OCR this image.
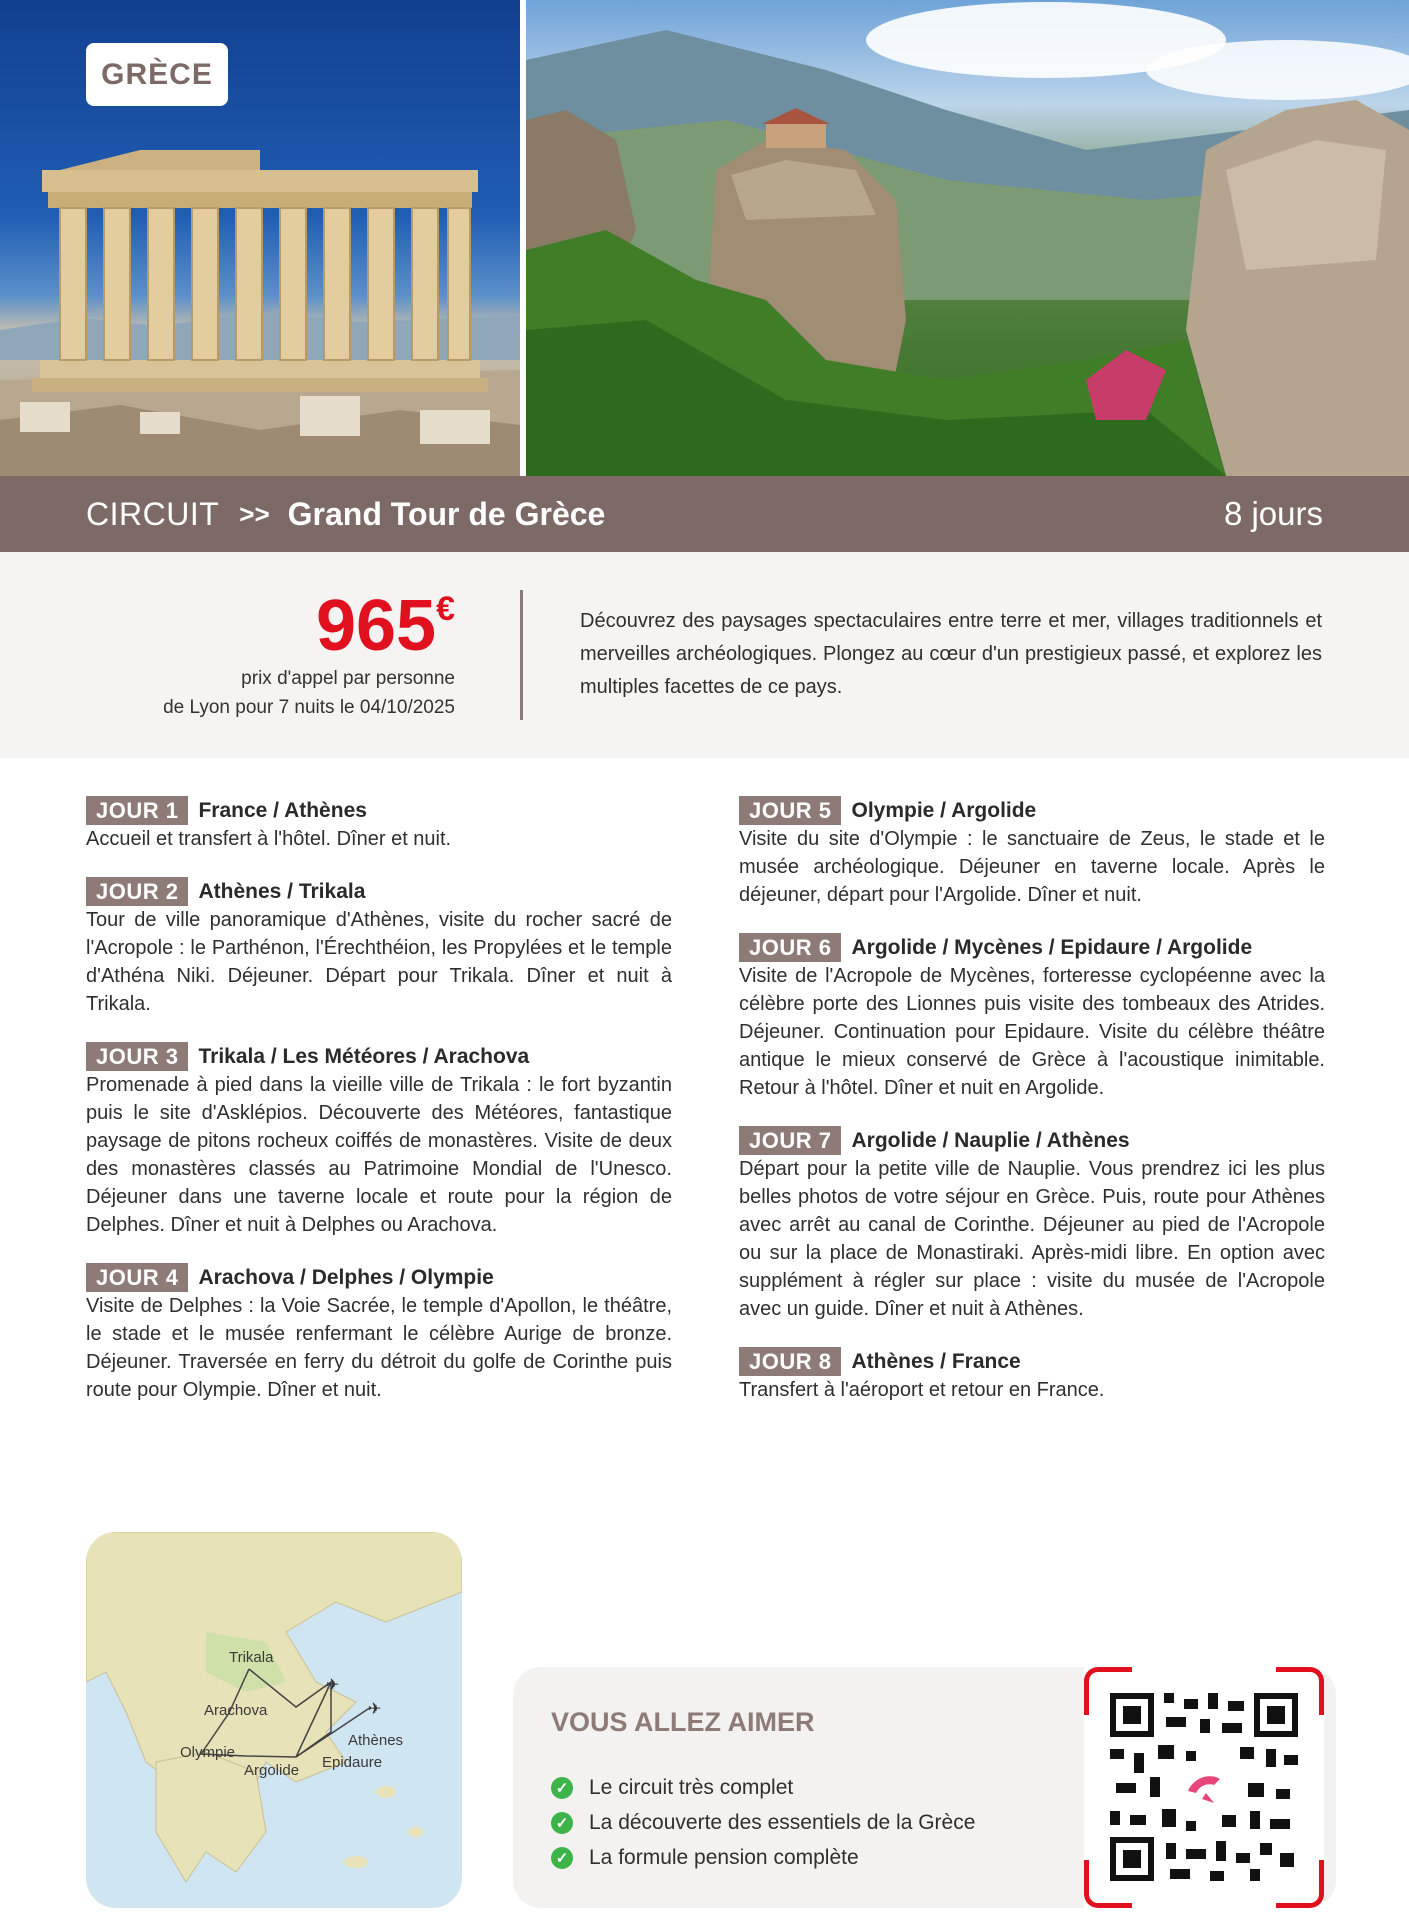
GRÈCE
CIRCUIT >> Grand Tour de Grèce	8 jours
965€
prix d'appel par personne
de Lyon pour 7 nuits le 04/10/2025

Découvrez des paysages spectaculaires entre terre et mer, villages traditionnels et merveilles archéologiques. Plongez au cœur d'un prestigieux passé, et explorez les multiples facettes de ce pays.

JOUR 1 France / Athènes

Accueil et transfert à l'hôtel. Dîner et nuit.

JOUR 2 Athènes / Trikala

Tour de ville panoramique d'Athènes, visite du rocher sacré de l'Acropole : le Parthénon, l'Érechthéion, les Propylées et le temple d'Athéna Niki. Déjeuner. Départ pour Trikala. Dîner et nuit à Trikala.

JOUR 3 Trikala / Les Météores / Arachova

Promenade à pied dans la vieille ville de Trikala : le fort byzantin puis le site d'Asklépios. Découverte des Météores, fantastique paysage de pitons rocheux coiffés de monastères. Visite de deux des monastères classés au Patrimoine Mondial de l'Unesco. Déjeuner dans une taverne locale et route pour la région de Delphes. Dîner et nuit à Delphes ou Arachova.

JOUR 4 Arachova / Delphes / Olympie

Visite de Delphes : la Voie Sacrée, le temple d'Apollon, le théâtre, le stade et le musée renfermant le célèbre Aurige de bronze. Déjeuner. Traversée en ferry du détroit du golfe de Corinthe puis route pour Olympie. Dîner et nuit.

JOUR 5 Olympie / Argolide

Visite du site d'Olympie : le sanctuaire de Zeus, le stade et le musée archéologique. Déjeuner en taverne locale. Après le déjeuner, départ pour l'Argolide. Dîner et nuit.

JOUR 6 Argolide / Mycènes / Epidaure / Argolide

Visite de l'Acropole de Mycènes, forteresse cyclopéenne avec la célèbre porte des Lionnes puis visite des tombeaux des Atrides. Déjeuner. Continuation pour Epidaure. Visite du célèbre théâtre antique le mieux conservé de Grèce à l'acoustique inimitable. Retour à l'hôtel. Dîner et nuit en Argolide.

JOUR 7 Argolide / Nauplie / Athènes

Départ pour la petite ville de Nauplie. Vous prendrez ici les plus belles photos de votre séjour en Grèce. Puis, route pour Athènes avec arrêt au canal de Corinthe. Déjeuner au pied de l'Acropole ou sur la place de Monastiraki. Après-midi libre. En option avec supplément à régler sur place : visite du musée de l'Acropole avec un guide. Dîner et nuit à Athènes.

JOUR 8 Athènes / France

Transfert à l'aéroport et retour en France.

✈
✈
Trikala
Arachova
Olympie
Argolide
Athènes
Epidaure
VOUS ALLEZ AIMER
✓ Le circuit très complet
✓ La découverte des essentiels de la Grèce
✓ La formule pension complète
